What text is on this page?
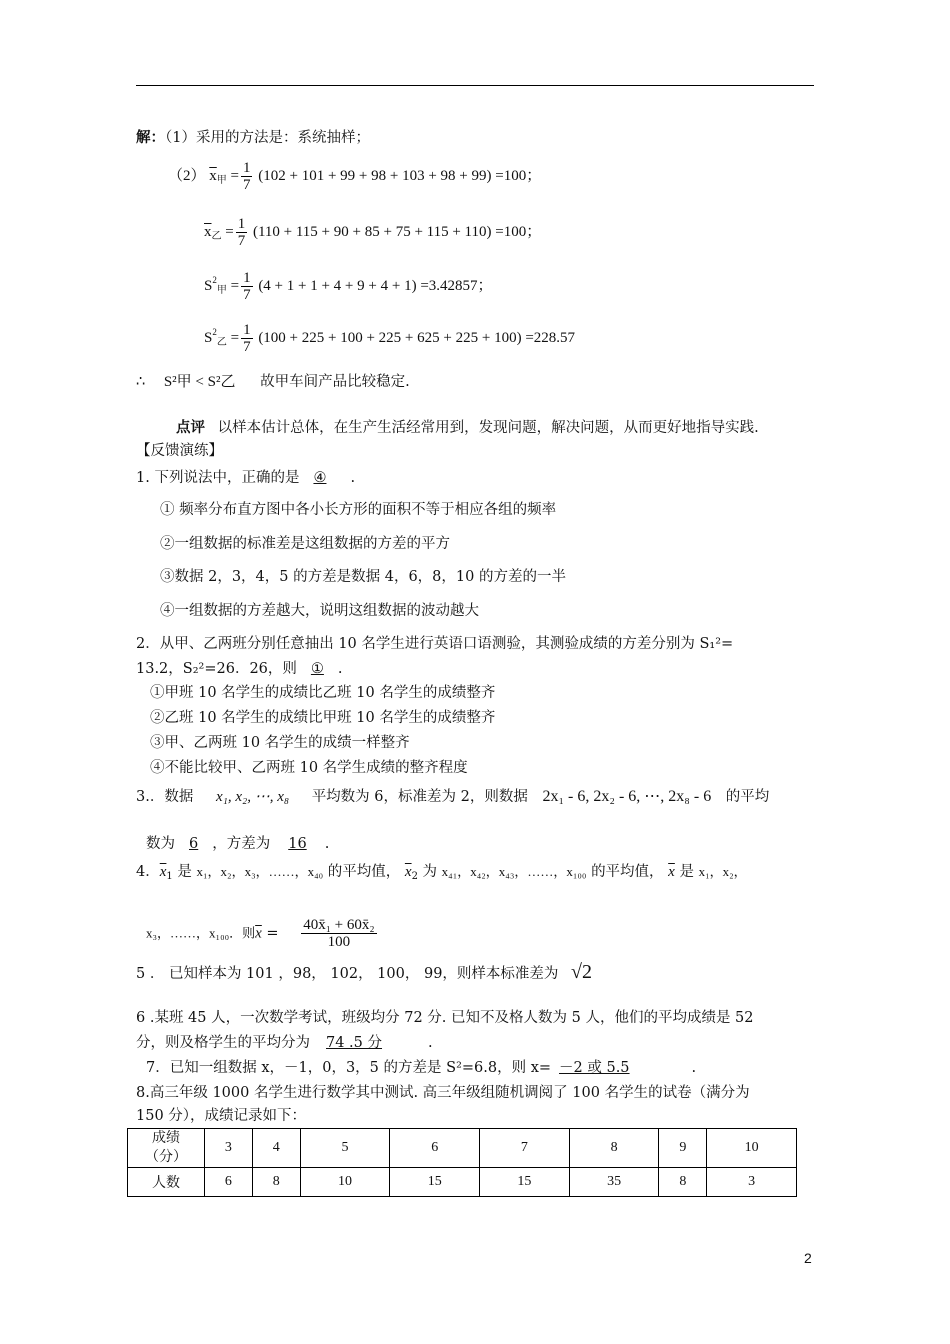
解：（1）采用的方法是：系统抽样；
（2） $\overline{x}_甲 = \frac{1}{7} (102 + 101 + 99 + 98 + 103 + 98 + 99) =100$；
$\overline{x}_乙 = \frac{1}{7} (110 + 115 + 90 + 85 + 75 + 115 + 110) =100$；
$S^2_甲 = \frac{1}{7} (4 + 1 + 1 + 4 + 9 + 4 + 1) =3.42857$；
$S^2_乙 = \frac{1}{7} (100 + 225 + 100 + 225 + 625 + 225 + 100) =228.57$
∴ S²甲 < S²乙 故甲车间产品比较稳定.
点评 以样本估计总体，在生产生活经常用到，发现问题，解决问题，从而更好地指导实践.
【反馈演练】
1. 下列说法中，正确的是 ④ .
① 频率分布直方图中各小长方形的面积不等于相应各组的频率
②一组数据的标准差是这组数据的方差的平方
③数据 2，3，4，5 的方差是数据 4，6，8，10 的方差的一半
④一组数据的方差越大，说明这组数据的波动越大
2．从甲、乙两班分别任意抽出 10 名学生进行英语口语测验，其测验成绩的方差分别为 S₁²=
13.2，S₂²=26．26，则 ① .
①甲班 10 名学生的成绩比乙班 10 名学生的成绩整齐
②乙班 10 名学生的成绩比甲班 10 名学生的成绩整齐
③甲、乙两班 10 名学生的成绩一样整齐
④不能比较甲、乙两班 10 名学生成绩的整齐程度
3.．数据 x₁, x₂, ⋯, x₈ 平均数为 6，标准差为 2，则数据 2x₁ - 6, 2x₂ - 6, ⋯, 2x₈ - 6 的平均
数为 6 ，方差为 16 .
4．$\overline{x}_1$ 是 x₁，x₂，x₃，……，x₄₀ 的平均值， $\overline{x}_2$ 为 x₄₁，x₄₂，x₄₃，……，x₁₀₀ 的平均值， $\overline{x}$ 是 x₁，x₂，
x₃，……，x₁₀₀．则$\overline{x} = \frac{\text{40x̄₁ + 60x̄₂}}{100}$
5 ． 已知样本为 101 ，98， 102， 100， 99，则样本标准差为 √2
6 .某班 45 人，一次数学考试，班级均分 72 分. 已知不及格人数为 5 人，他们的平均成绩是 52
分，则及格学生的平均分为 74 .5 分	.
7．已知一组数据 x，－1，0，3，5 的方差是 S²=6.8，则 x= －2 或 5.5	.
8.高三年级 1000 名学生进行数学其中测试. 高三年级组随机调阅了 100 名学生的试卷（满分为
150 分），成绩记录如下：
成绩
（分）	3	4	5	6	7	8	9	10
人数	6	8	10	15	15	35	8	3
2
